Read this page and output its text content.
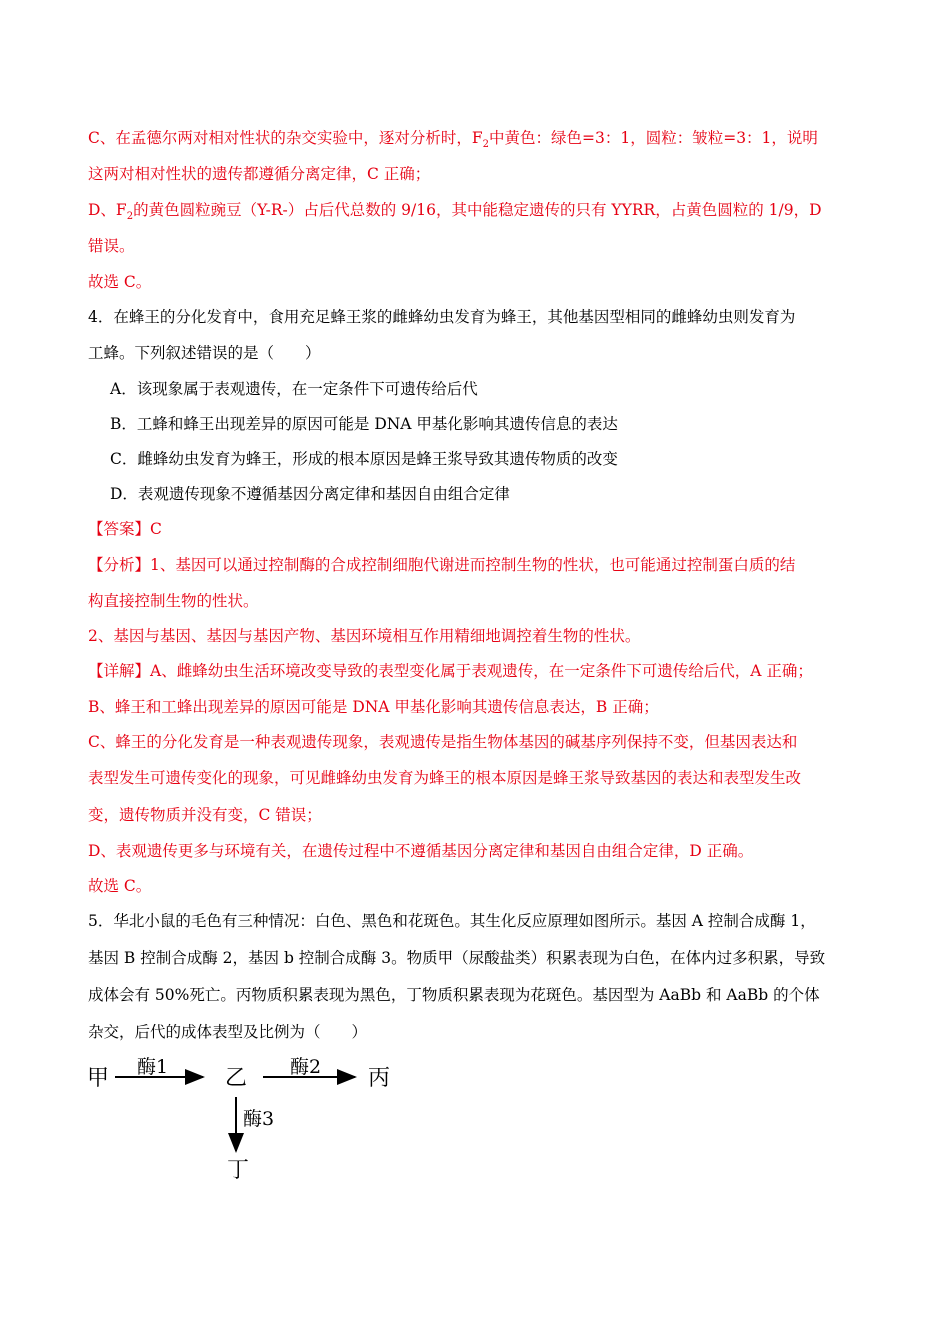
C、在孟德尔两对相对性状的杂交实验中，逐对分析时，$F_2$中黄色：绿色=3：1，圆粒：皱粒=3：1，说明
这两对相对性状的遗传都遵循分离定律，C 正确；
D、$F_2$的黄色圆粒豌豆（Y-R-）占后代总数的 9/16，其中能稳定遗传的只有 YYRR，占黄色圆粒的 1/9，D
错误。
故选 C。
4．在蜂王的分化发育中，食用充足蜂王浆的雌蜂幼虫发育为蜂王，其他基因型相同的雌蜂幼虫则发育为
工蜂。下列叙述错误的是（　　）
A．该现象属于表观遗传，在一定条件下可遗传给后代
B．工蜂和蜂王出现差异的原因可能是 DNA 甲基化影响其遗传信息的表达
C．雌蜂幼虫发育为蜂王，形成的根本原因是蜂王浆导致其遗传物质的改变
D．表观遗传现象不遵循基因分离定律和基因自由组合定律
【答案】C
【分析】1、基因可以通过控制酶的合成控制细胞代谢进而控制生物的性状，也可能通过控制蛋白质的结
构直接控制生物的性状。
2、基因与基因、基因与基因产物、基因环境相互作用精细地调控着生物的性状。
【详解】A、雌蜂幼虫生活环境改变导致的表型变化属于表观遗传，在一定条件下可遗传给后代，A 正确；
B、蜂王和工蜂出现差异的原因可能是 DNA 甲基化影响其遗传信息表达，B 正确；
C、蜂王的分化发育是一种表观遗传现象，表观遗传是指生物体基因的碱基序列保持不变，但基因表达和
表型发生可遗传变化的现象，可见雌蜂幼虫发育为蜂王的根本原因是蜂王浆导致基因的表达和表型发生改
变，遗传物质并没有变，C 错误；
D、表观遗传更多与环境有关，在遗传过程中不遵循基因分离定律和基因自由组合定律，D 正确。
故选 C。
5．华北小鼠的毛色有三种情况：白色、黑色和花斑色。其生化反应原理如图所示。基因 A 控制合成酶 1，
基因 B 控制合成酶 2，基因 b 控制合成酶 3。物质甲（尿酸盐类）积累表现为白色，在体内过多积累，导致
成体会有 50%死亡。丙物质积累表现为黑色，丁物质积累表现为花斑色。基因型为 AaBb 和 AaBb 的个体
杂交，后代的成体表型及比例为（　　）
甲 酶1	乙 酶2 丙
酶3
丁
